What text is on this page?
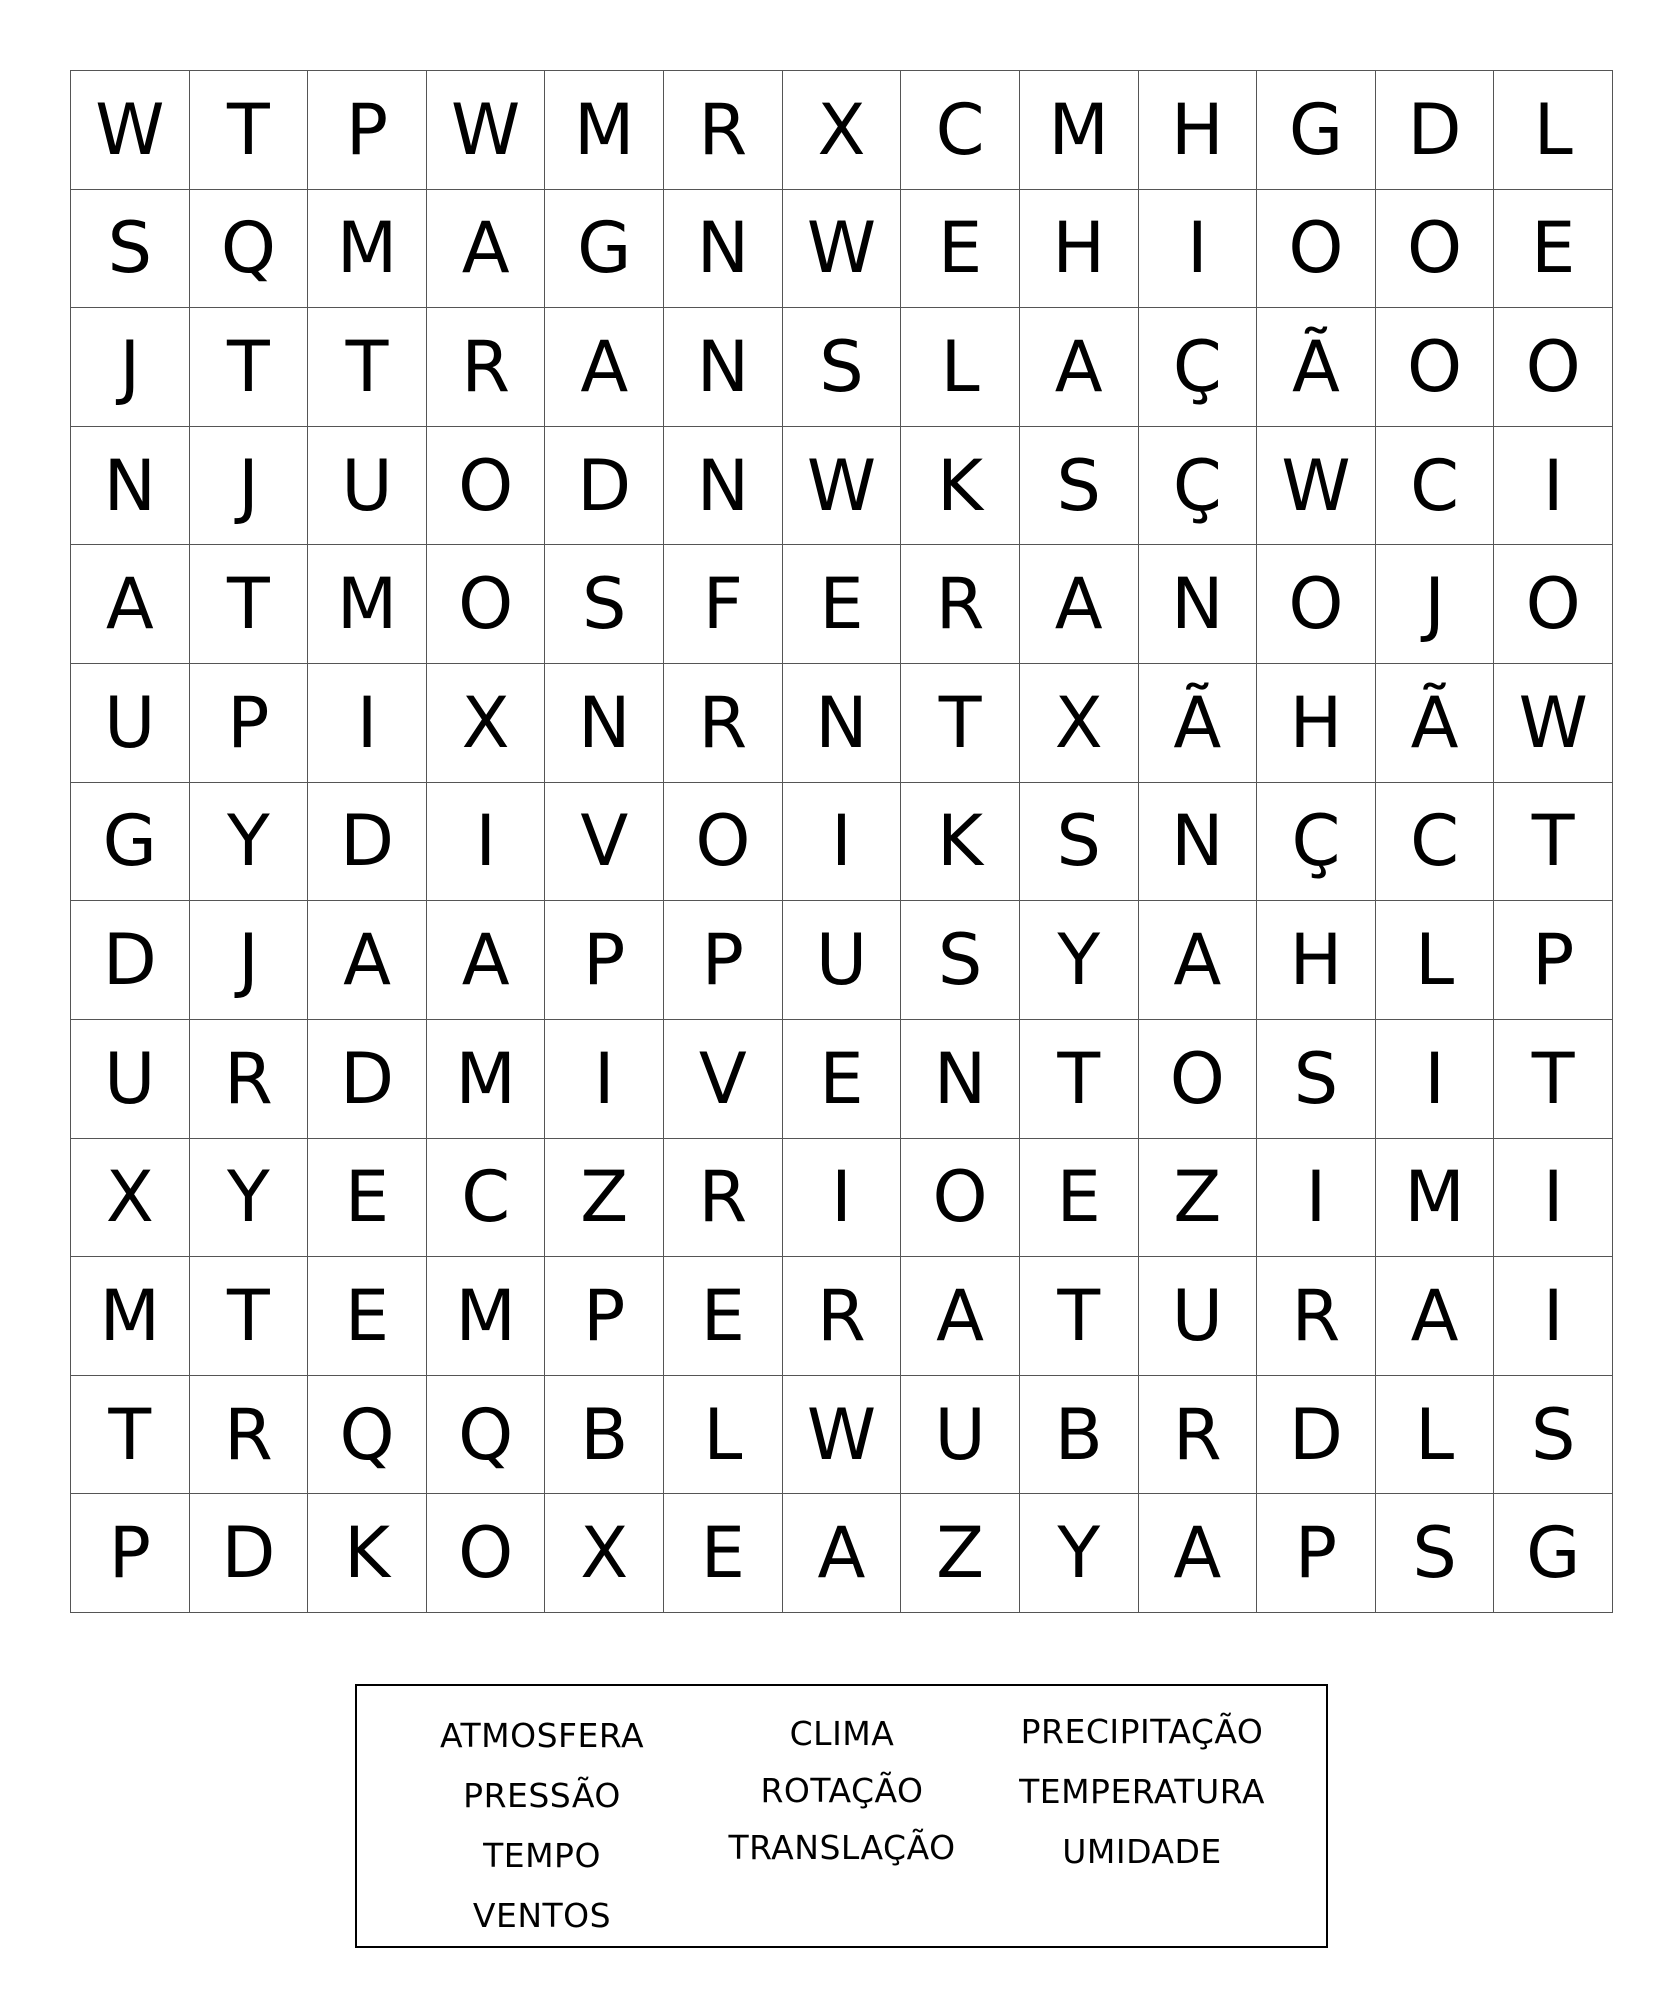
W T	P W M R	X	C M H G D	L
S Q M A G N W E	H	I	O O E
J	T	T	R	A N	S	L	A	Ç	Ã O O
N	J	U O D N W K	S	Ç W C	I
A	T M O S	F	E	R	A N O	J	O
U	P	I	X N R N	T	X	Ã H Ã W
G	Y	D	I	V O	I	K	S	N Ç C	T
D	J	A	A	P	P	U	S	Y	A H	L	P
U R D M	I	V	E	N	T O S	I	T
X	Y	E	C	Z	R	I	O E	Z	I	M	I
M T	E M P	E	R	A	T	U R	A	I
T	R Q Q B	L W U B	R D	L	S
P	D K O X	E	A	Z	Y	A	P	S G
ATMOSFERA
PRESSÃO
TEMPO
VENTOS
CLIMA
ROTAÇÃO
TRANSLAÇÃO
PRECIPITAÇÃO
TEMPERATURA
UMIDADE
